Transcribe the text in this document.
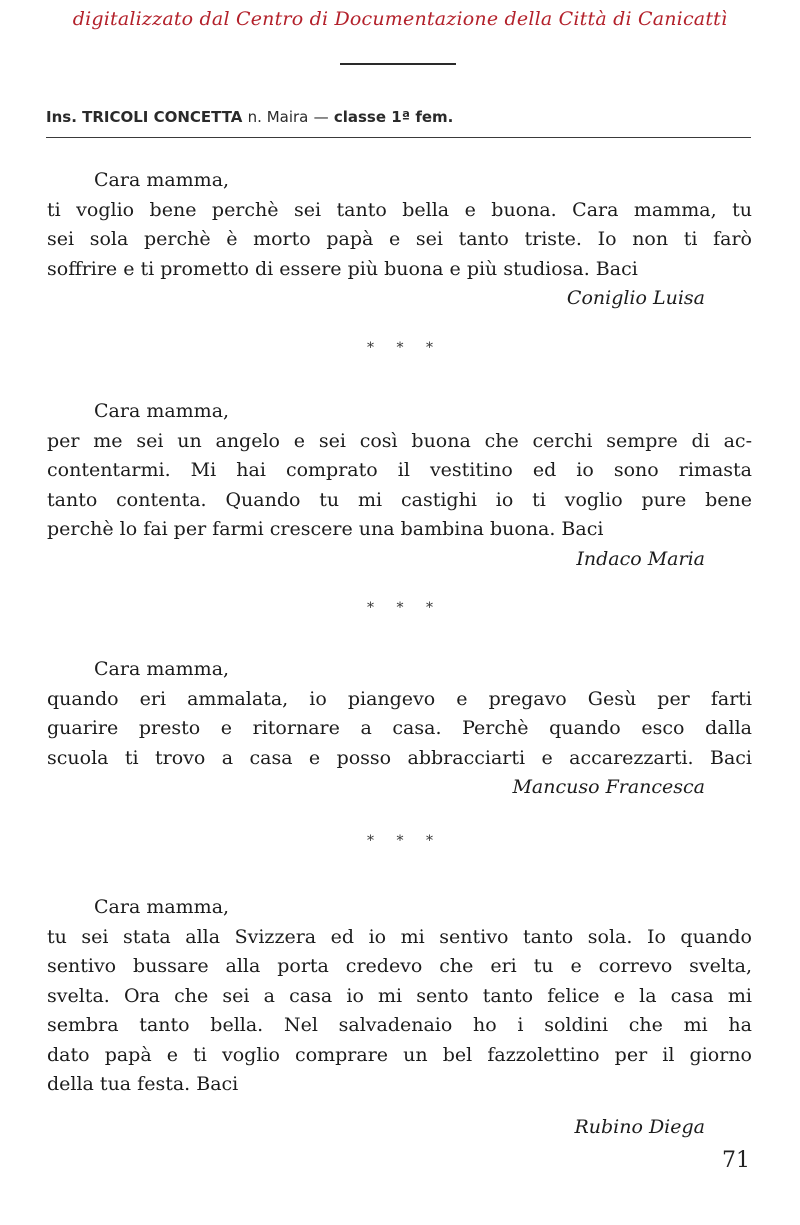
digitalizzato dal Centro di Documentazione della Città di Canicattì
Ins. TRICOLI CONCETTA n. Maira — classe 1ª fem.
Cara mamma,
ti voglio bene perchè sei tanto bella e buona. Cara mamma, tu
sei sola perchè è morto papà e sei tanto triste. Io non ti farò
soffrire e ti prometto di essere più buona e più studiosa. Baci
Coniglio Luisa
* * *
Cara mamma,
per me sei un angelo e sei così buona che cerchi sempre di ac-
contentarmi. Mi hai comprato il vestitino ed io sono rimasta
tanto contenta. Quando tu mi castighi io ti voglio pure bene
perchè lo fai per farmi crescere una bambina buona. Baci
Indaco Maria
* * *
Cara mamma,
quando eri ammalata, io piangevo e pregavo Gesù per farti
guarire presto e ritornare a casa. Perchè quando esco dalla
scuola ti trovo a casa e posso abbracciarti e accarezzarti. Baci
Mancuso Francesca
* * *
Cara mamma,
tu sei stata alla Svizzera ed io mi sentivo tanto sola. Io quando
sentivo bussare alla porta credevo che eri tu e correvo svelta,
svelta. Ora che sei a casa io mi sento tanto felice e la casa mi
sembra tanto bella. Nel salvadenaio ho i soldini che mi ha
dato papà e ti voglio comprare un bel fazzolettino per il giorno
della tua festa. Baci
Rubino Diega
71
